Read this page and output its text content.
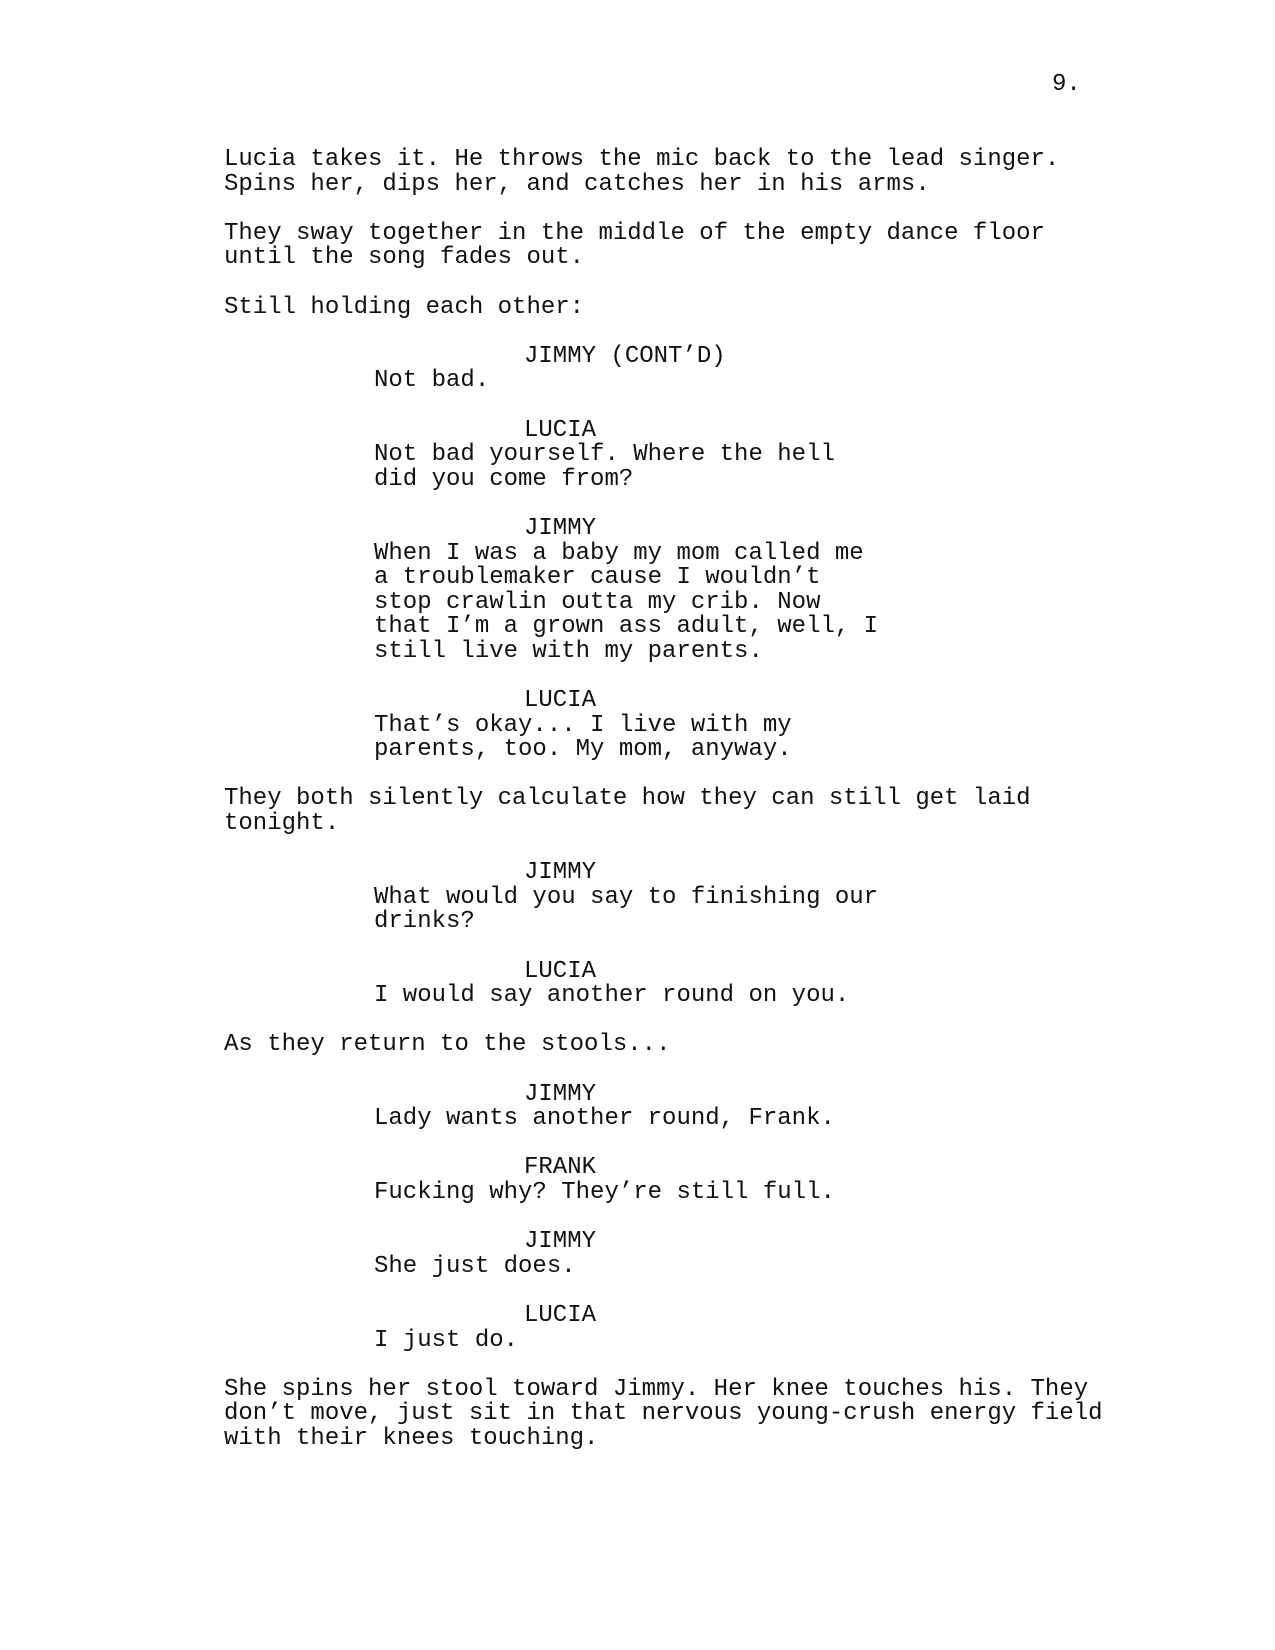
9.
Lucia takes it. He throws the mic back to the lead singer.
Spins her, dips her, and catches her in his arms.
They sway together in the middle of the empty dance floor
until the song fades out.
Still holding each other:
JIMMY (CONT’D)
Not bad.
LUCIA
Not bad yourself. Where the hell
did you come from?
JIMMY
When I was a baby my mom called me
a troublemaker cause I wouldn’t
stop crawlin outta my crib. Now
that I’m a grown ass adult, well, I
still live with my parents.
LUCIA
That’s okay... I live with my
parents, too. My mom, anyway.
They both silently calculate how they can still get laid
tonight.
JIMMY
What would you say to finishing our
drinks?
LUCIA
I would say another round on you.
As they return to the stools...
JIMMY
Lady wants another round, Frank.
FRANK
Fucking why? They’re still full.
JIMMY
She just does.
LUCIA
I just do.
She spins her stool toward Jimmy. Her knee touches his. They
don’t move, just sit in that nervous young-crush energy field
with their knees touching.
